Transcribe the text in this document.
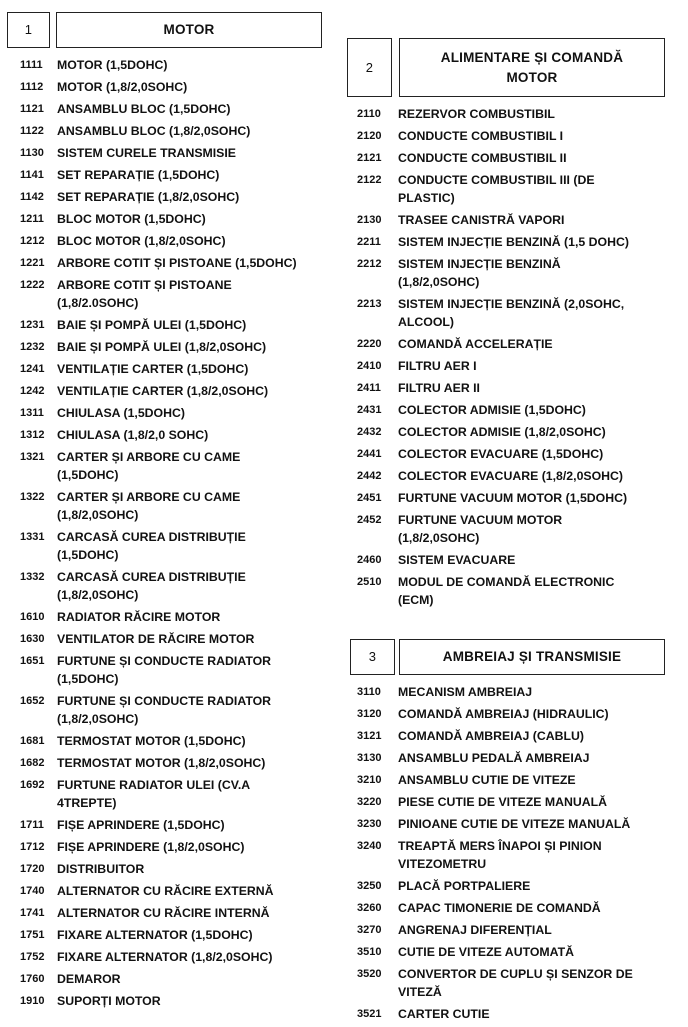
1	MOTOR
1111 MOTOR (1,5DOHC)
1112 MOTOR (1,8/2,0SOHC)
1121 ANSAMBLU BLOC (1,5DOHC)
1122 ANSAMBLU BLOC (1,8/2,0SOHC)
1130 SISTEM CURELE TRANSMISIE
1141 SET REPARAȚIE (1,5DOHC)
1142 SET REPARAȚIE (1,8/2,0SOHC)
1211 BLOC MOTOR (1,5DOHC)
1212 BLOC MOTOR (1,8/2,0SOHC)
1221 ARBORE COTIT ȘI PISTOANE (1,5DOHC)
1222 ARBORE COTIT ȘI PISTOANE
(1,8/2.0SOHC)
1231 BAIE ȘI POMPĂ ULEI (1,5DOHC)
1232 BAIE ȘI POMPĂ ULEI (1,8/2,0SOHC)
1241 VENTILAȚIE CARTER (1,5DOHC)
1242 VENTILAȚIE CARTER (1,8/2,0SOHC)
1311 CHIULASA (1,5DOHC)
1312 CHIULASA (1,8/2,0 SOHC)
1321 CARTER ȘI ARBORE CU CAME
(1,5DOHC)
1322 CARTER ȘI ARBORE CU CAME
(1,8/2,0SOHC)
1331 CARCASĂ CUREA DISTRIBUȚIE
(1,5DOHC)
1332 CARCASĂ CUREA DISTRIBUȚIE
(1,8/2,0SOHC)
1610 RADIATOR RĂCIRE MOTOR
1630 VENTILATOR DE RĂCIRE MOTOR
1651 FURTUNE ȘI CONDUCTE RADIATOR
(1,5DOHC)
1652 FURTUNE ȘI CONDUCTE RADIATOR
(1,8/2,0SOHC)
1681 TERMOSTAT MOTOR (1,5DOHC)
1682 TERMOSTAT MOTOR (1,8/2,0SOHC)
1692 FURTUNE RADIATOR ULEI (CV.A
4TREPTE)
1711 FIȘE APRINDERE (1,5DOHC)
1712 FIȘE APRINDERE (1,8/2,0SOHC)
1720 DISTRIBUITOR
1740 ALTERNATOR CU RĂCIRE EXTERNĂ
1741 ALTERNATOR CU RĂCIRE INTERNĂ
1751 FIXARE ALTERNATOR (1,5DOHC)
1752 FIXARE ALTERNATOR (1,8/2,0SOHC)
1760 DEMAROR
1910 SUPORȚI MOTOR
2
ALIMENTARE ȘI COMANDĂ
MOTOR
2110 REZERVOR COMBUSTIBIL
2120 CONDUCTE COMBUSTIBIL I
2121 CONDUCTE COMBUSTIBIL II
2122 CONDUCTE COMBUSTIBIL III (DE
PLASTIC)
2130 TRASEE CANISTRĂ VAPORI
2211 SISTEM INJECȚIE BENZINĂ (1,5 DOHC)
2212 SISTEM INJECȚIE BENZINĂ
(1,8/2,0SOHC)
2213 SISTEM INJECȚIE BENZINĂ (2,0SOHC,
ALCOOL)
2220 COMANDĂ ACCELERAȚIE
2410 FILTRU AER I
2411 FILTRU AER II
2431 COLECTOR ADMISIE (1,5DOHC)
2432 COLECTOR ADMISIE (1,8/2,0SOHC)
2441 COLECTOR EVACUARE (1,5DOHC)
2442 COLECTOR EVACUARE (1,8/2,0SOHC)
2451 FURTUNE VACUUM MOTOR (1,5DOHC)
2452 FURTUNE VACUUM MOTOR
(1,8/2,0SOHC)
2460 SISTEM EVACUARE
2510 MODUL DE COMANDĂ ELECTRONIC
(ECM)
3	AMBREIAJ ȘI TRANSMISIE
3110 MECANISM AMBREIAJ
3120 COMANDĂ AMBREIAJ (HIDRAULIC)
3121 COMANDĂ AMBREIAJ (CABLU)
3130 ANSAMBLU PEDALĂ AMBREIAJ
3210 ANSAMBLU CUTIE DE VITEZE
3220 PIESE CUTIE DE VITEZE MANUALĂ
3230 PINIOANE CUTIE DE VITEZE MANUALĂ
3240 TREAPTĂ MERS ÎNAPOI ȘI PINION
VITEZOMETRU
3250 PLACĂ PORTPALIERE
3260 CAPAC TIMONERIE DE COMANDĂ
3270 ANGRENAJ DIFERENȚIAL
3510 CUTIE DE VITEZE AUTOMATĂ
3520 CONVERTOR DE CUPLU ȘI SENZOR DE
VITEZĂ
3521 CARTER CUTIE
